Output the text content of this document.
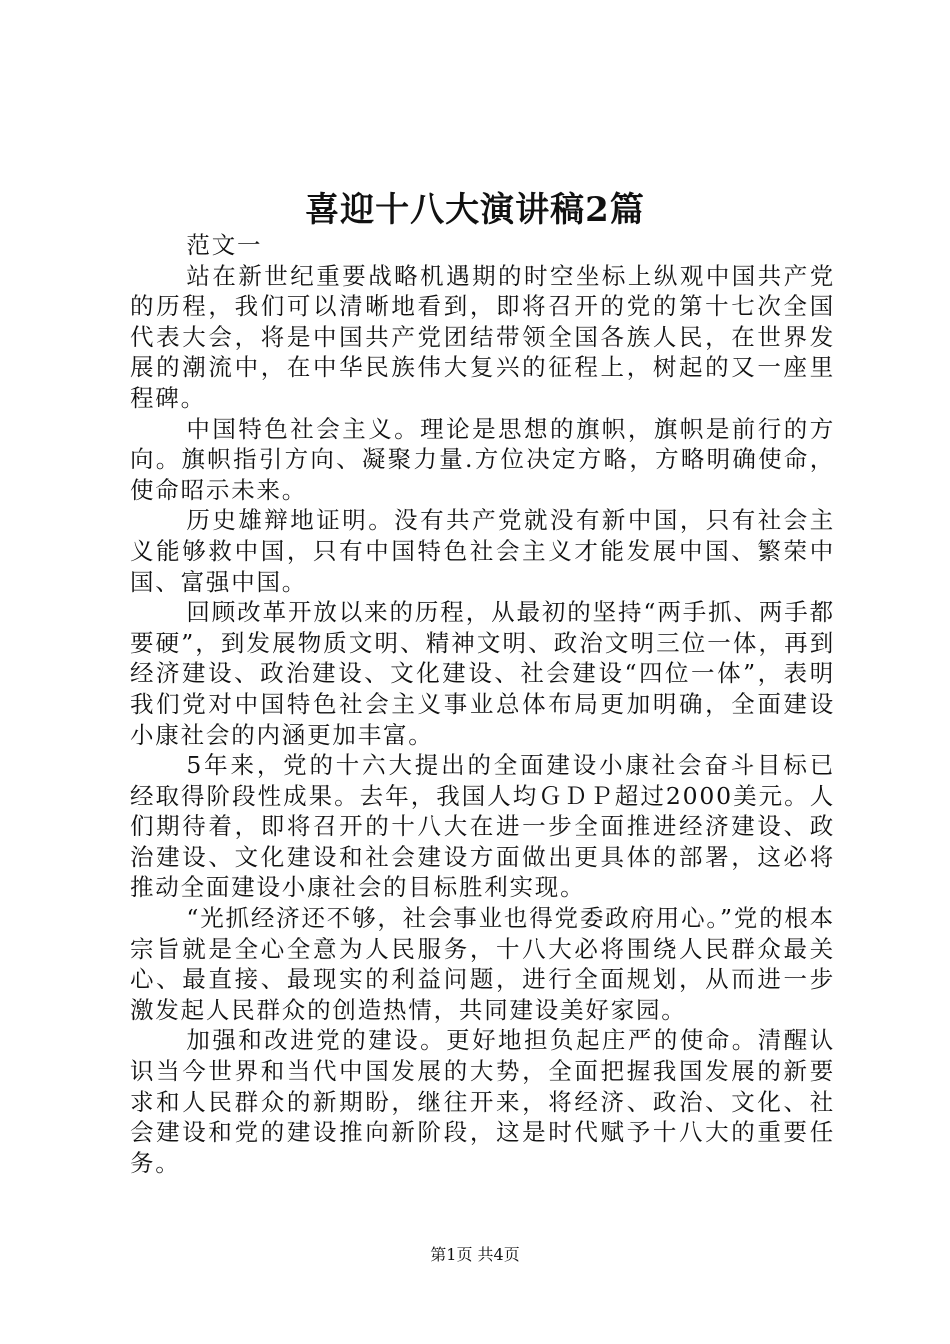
喜迎十八大演讲稿2篇

范文一

站在新世纪重要战略机遇期的时空坐标上纵观中国共产党的历程，我们可以清晰地看到，即将召开的党的第十七次全国代表大会，将是中国共产党团结带领全国各族人民，在世界发展的潮流中，在中华民族伟大复兴的征程上，树起的又一座里程碑。

中国特色社会主义。理论是思想的旗帜，旗帜是前行的方向。旗帜指引方向、凝聚力量.方位决定方略，方略明确使命，使命昭示未来。

历史雄辩地证明。没有共产党就没有新中国，只有社会主义能够救中国，只有中国特色社会主义才能发展中国、繁荣中国、富强中国。

回顾改革开放以来的历程，从最初的坚持“两手抓、两手都要硬”，到发展物质文明、精神文明、政治文明三位一体，再到经济建设、政治建设、文化建设、社会建设“四位一体”，表明我们党对中国特色社会主义事业总体布局更加明确，全面建设小康社会的内涵更加丰富。

5年来，党的十六大提出的全面建设小康社会奋斗目标已经取得阶段性成果。去年，我国人均ＧＤＰ超过2000美元。人们期待着，即将召开的十八大在进一步全面推进经济建设、政治建设、文化建设和社会建设方面做出更具体的部署，这必将推动全面建设小康社会的目标胜利实现。

“光抓经济还不够，社会事业也得党委政府用心。”党的根本宗旨就是全心全意为人民服务，十八大必将围绕人民群众最关心、最直接、最现实的利益问题，进行全面规划，从而进一步激发起人民群众的创造热情，共同建设美好家园。

加强和改进党的建设。更好地担负起庄严的使命。清醒认识当今世界和当代中国发展的大势，全面把握我国发展的新要求和人民群众的新期盼，继往开来，将经济、政治、文化、社会建设和党的建设推向新阶段，这是时代赋予十八大的重要任务。

第1页 共4页
